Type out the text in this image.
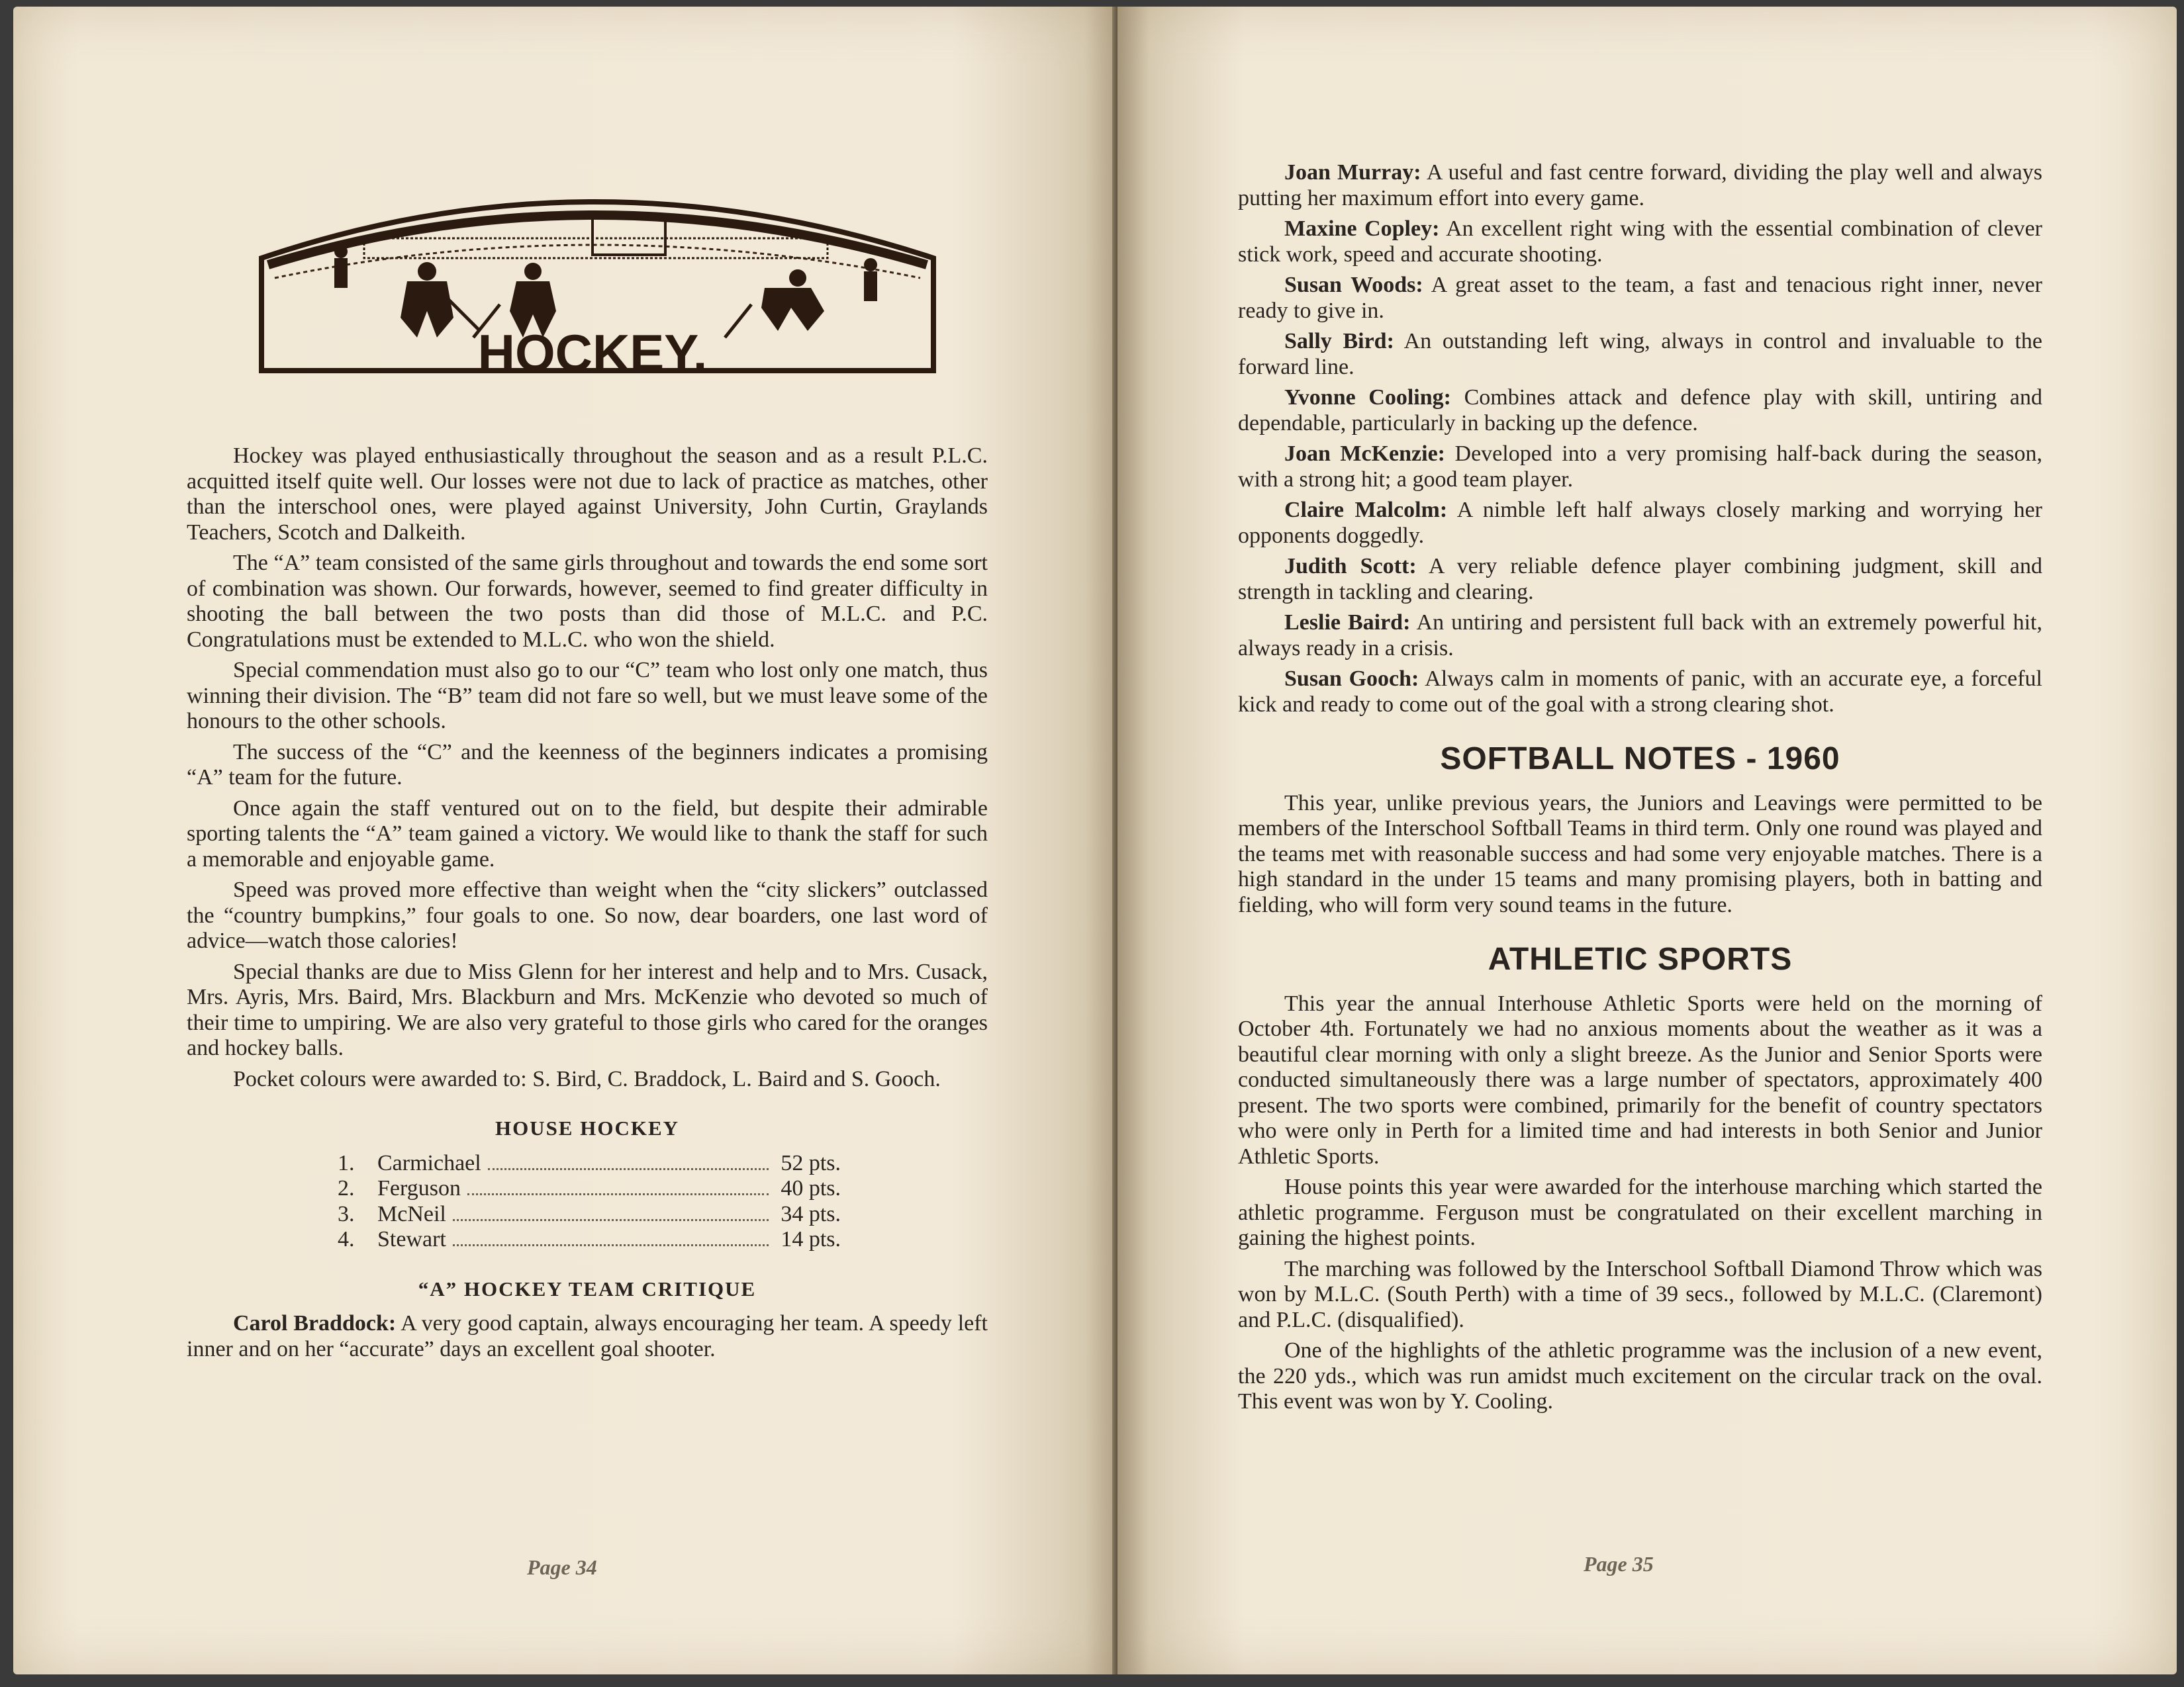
HOCKEY.

Hockey was played enthusiastically throughout the season and as a result P.L.C. acquitted itself quite well. Our losses were not due to lack of practice as matches, other than the interschool ones, were played against University, John Curtin, Graylands Teachers, Scotch and Dalkeith.

The “A” team consisted of the same girls throughout and towards the end some sort of combination was shown. Our forwards, however, seemed to find greater difficulty in shooting the ball between the two posts than did those of M.L.C. and P.C. Congratulations must be extended to M.L.C. who won the shield.

Special commendation must also go to our “C” team who lost only one match, thus winning their division. The “B” team did not fare so well, but we must leave some of the honours to the other schools.

The success of the “C” and the keenness of the beginners indicates a promising “A” team for the future.

Once again the staff ventured out on to the field, but despite their admirable sporting talents the “A” team gained a victory. We would like to thank the staff for such a memorable and enjoyable game.

Speed was proved more effective than weight when the “city slickers” outclassed the “country bumpkins,” four goals to one. So now, dear boarders, one last word of advice—watch those calories!

Special thanks are due to Miss Glenn for her interest and help and to Mrs. Cusack, Mrs. Ayris, Mrs. Baird, Mrs. Blackburn and Mrs. McKenzie who devoted so much of their time to umpiring. We are also very grateful to those girls who cared for the oranges and hockey balls.

Pocket colours were awarded to: S. Bird, C. Braddock, L. Baird and S. Gooch.

HOUSE HOCKEY
1.	Carmichael	52 pts.
2.	Ferguson	40 pts.
3.	McNeil	34 pts.
4.	Stewart	14 pts.
“A” HOCKEY TEAM CRITIQUE

Carol Braddock: A very good captain, always encouraging her team. A speedy left inner and on her “accurate” days an excellent goal shooter.

Page 34

Joan Murray: A useful and fast centre forward, dividing the play well and always putting her maximum effort into every game.

Maxine Copley: An excellent right wing with the essential combination of clever stick work, speed and accurate shooting.

Susan Woods: A great asset to the team, a fast and tenacious right inner, never ready to give in.

Sally Bird: An outstanding left wing, always in control and invaluable to the forward line.

Yvonne Cooling: Combines attack and defence play with skill, untiring and dependable, particularly in backing up the defence.

Joan McKenzie: Developed into a very promising half-back during the season, with a strong hit; a good team player.

Claire Malcolm: A nimble left half always closely marking and worrying her opponents doggedly.

Judith Scott: A very reliable defence player combining judgment, skill and strength in tackling and clearing.

Leslie Baird: An untiring and persistent full back with an extremely powerful hit, always ready in a crisis.

Susan Gooch: Always calm in moments of panic, with an accurate eye, a forceful kick and ready to come out of the goal with a strong clearing shot.

SOFTBALL NOTES - 1960

This year, unlike previous years, the Juniors and Leavings were permitted to be members of the Interschool Softball Teams in third term. Only one round was played and the teams met with reasonable success and had some very enjoyable matches. There is a high standard in the under 15 teams and many promising players, both in batting and fielding, who will form very sound teams in the future.

ATHLETIC SPORTS

This year the annual Interhouse Athletic Sports were held on the morning of October 4th. Fortunately we had no anxious moments about the weather as it was a beautiful clear morning with only a slight breeze. As the Junior and Senior Sports were conducted simultaneously there was a large number of spectators, approximately 400 present. The two sports were combined, primarily for the benefit of country spectators who were only in Perth for a limited time and had interests in both Senior and Junior Athletic Sports.

House points this year were awarded for the interhouse marching which started the athletic programme. Ferguson must be congratulated on their excellent marching in gaining the highest points.

The marching was followed by the Interschool Softball Diamond Throw which was won by M.L.C. (South Perth) with a time of 39 secs., followed by M.L.C. (Claremont) and P.L.C. (disqualified).

One of the highlights of the athletic programme was the inclusion of a new event, the 220 yds., which was run amidst much excitement on the circular track on the oval. This event was won by Y. Cooling.

Page 35
